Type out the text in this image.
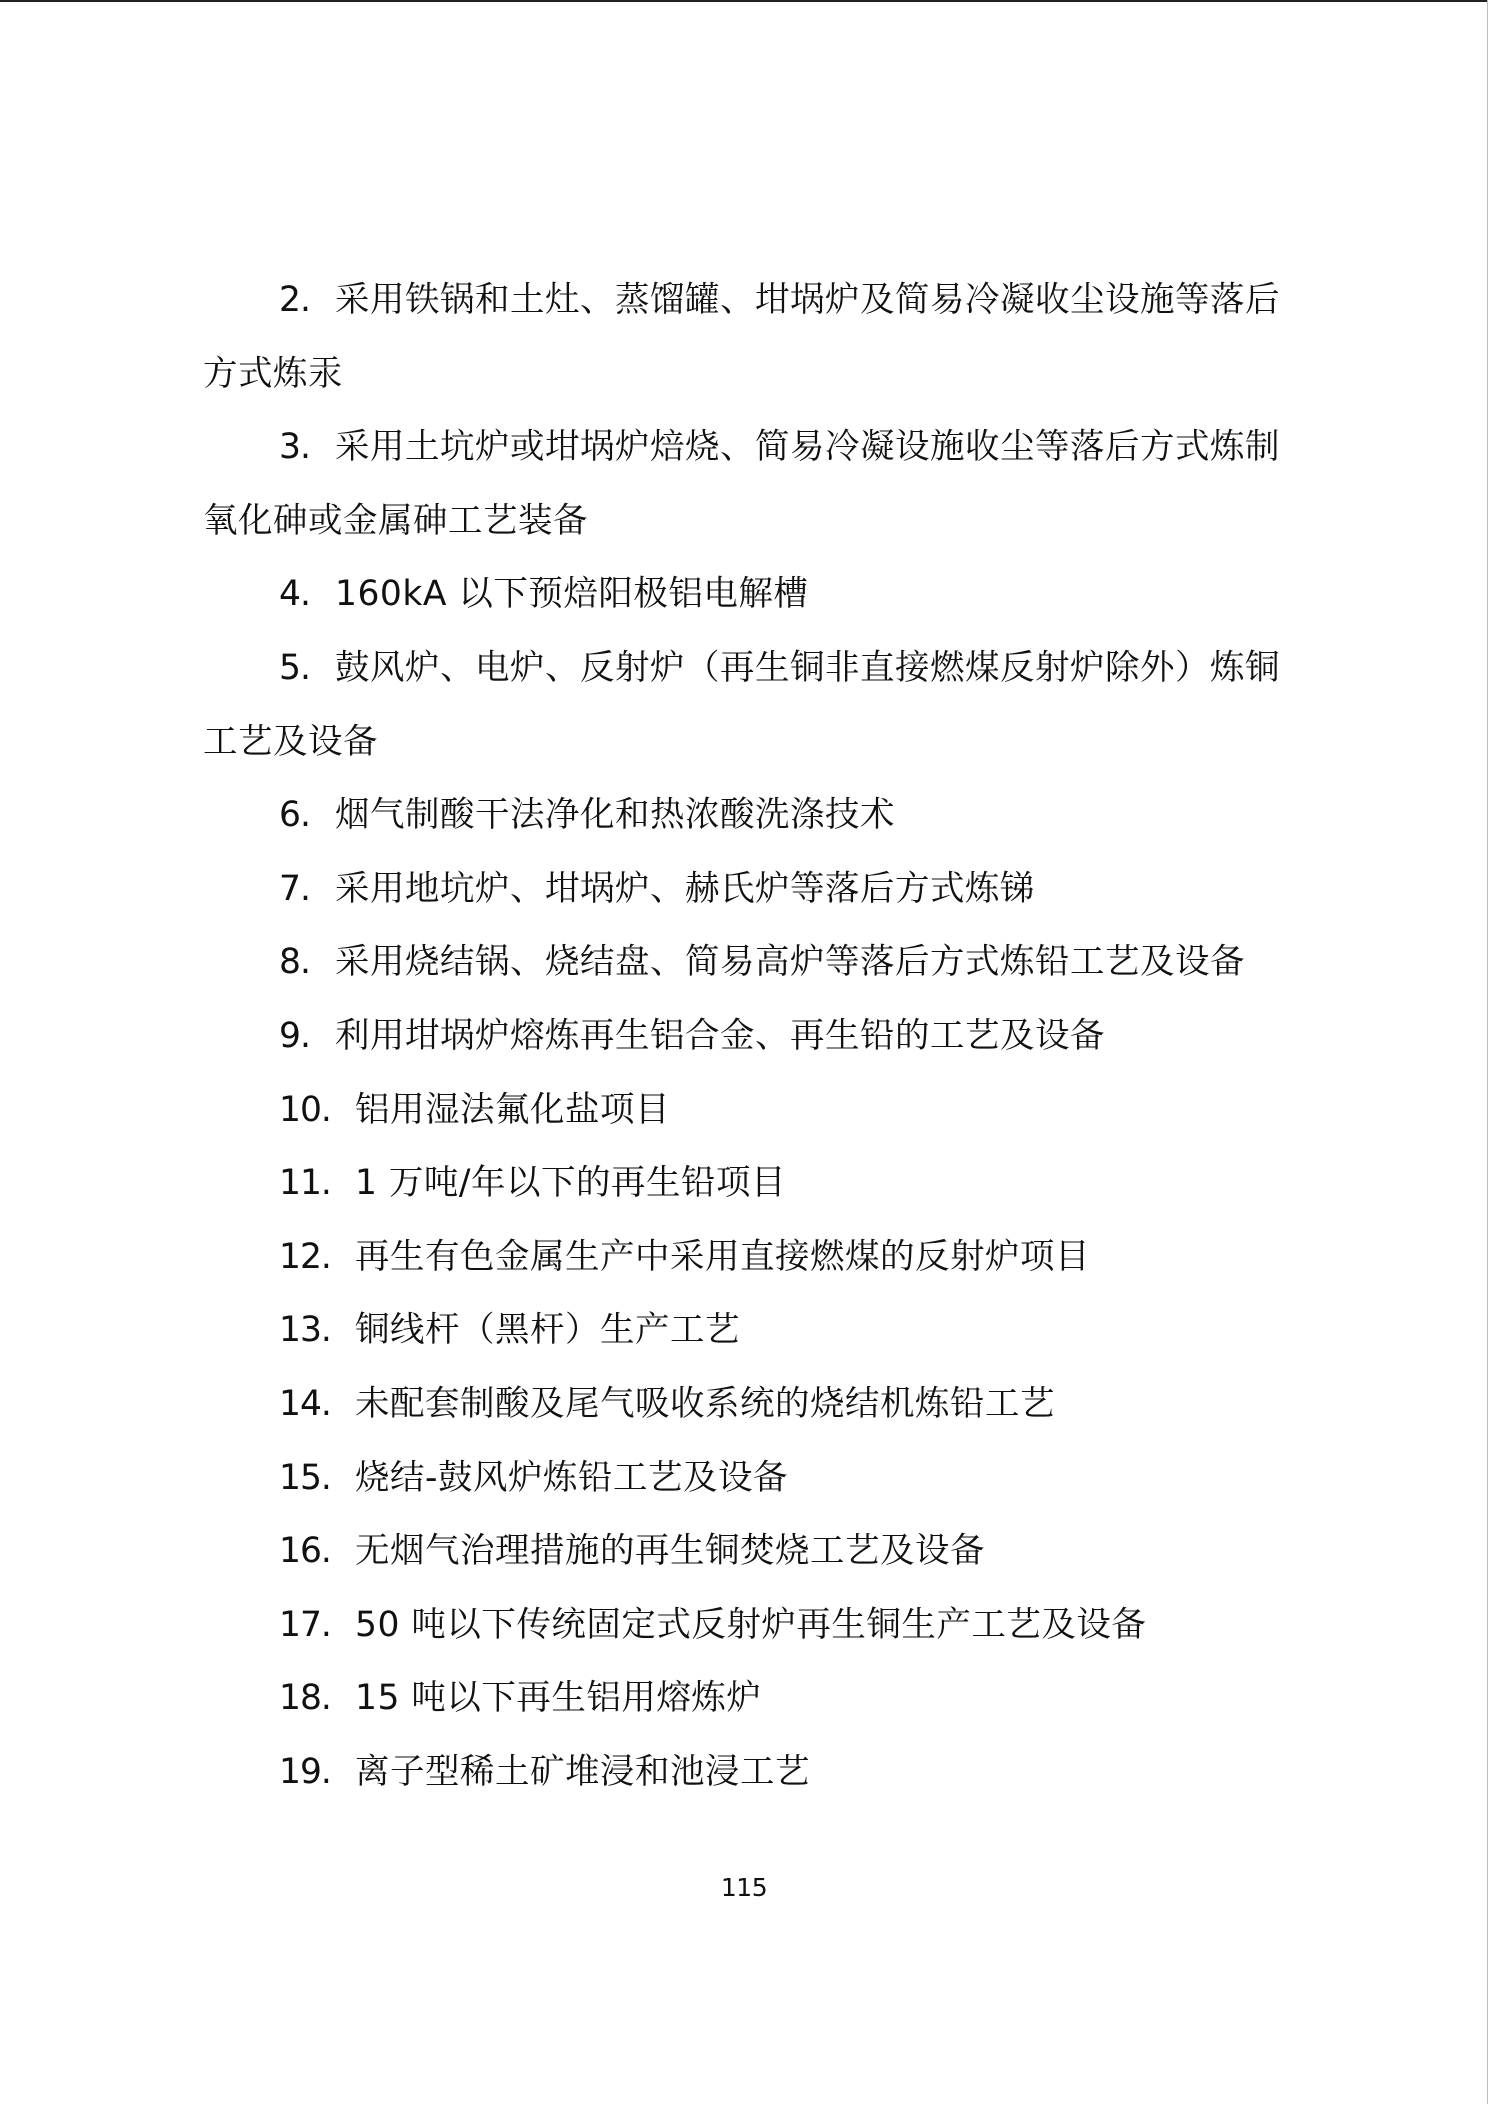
2. 采用铁锅和土灶、蒸馏罐、坩埚炉及简易冷凝收尘设施等落后方式炼汞
3. 采用土坑炉或坩埚炉焙烧、简易冷凝设施收尘等落后方式炼制氧化砷或金属砷工艺装备
4. 160kA 以下预焙阳极铝电解槽
5. 鼓风炉、电炉、反射炉（再生铜非直接燃煤反射炉除外）炼铜工艺及设备
6. 烟气制酸干法净化和热浓酸洗涤技术
7. 采用地坑炉、坩埚炉、赫氏炉等落后方式炼锑
8. 采用烧结锅、烧结盘、简易高炉等落后方式炼铅工艺及设备
9. 利用坩埚炉熔炼再生铝合金、再生铅的工艺及设备
10. 铝用湿法氟化盐项目
11. 1 万吨/年以下的再生铅项目
12. 再生有色金属生产中采用直接燃煤的反射炉项目
13. 铜线杆（黑杆）生产工艺
14. 未配套制酸及尾气吸收系统的烧结机炼铅工艺
15. 烧结-鼓风炉炼铅工艺及设备
16. 无烟气治理措施的再生铜焚烧工艺及设备
17. 50 吨以下传统固定式反射炉再生铜生产工艺及设备
18. 15 吨以下再生铝用熔炼炉
19. 离子型稀土矿堆浸和池浸工艺
115
